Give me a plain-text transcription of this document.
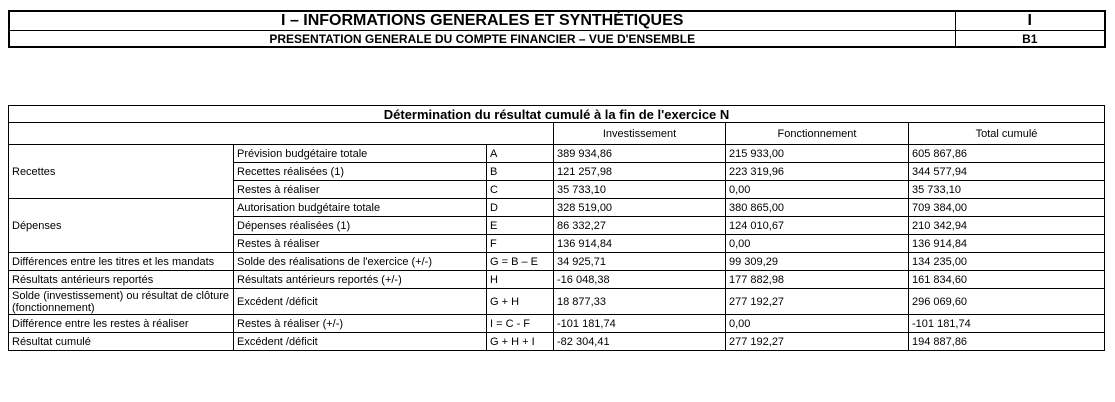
I – INFORMATIONS GENERALES ET SYNTHÉTIQUES	I
PRESENTATION GENERALE DU COMPTE FINANCIER – VUE D'ENSEMBLE	B1
Détermination du résultat cumulé à la fin de l'exercice N					
			Investissement	Fonctionnement	Total cumulé
Recettes	Prévision budgétaire totale	A	389 934,86	215 933,00	605 867,86
	Recettes réalisées (1)	B	121 257,98	223 319,96	344 577,94
	Restes à réaliser	C	35 733,10	0,00	35 733,10
Dépenses	Autorisation budgétaire totale	D	328 519,00	380 865,00	709 384,00
	Dépenses réalisées (1)	E	86 332,27	124 010,67	210 342,94
	Restes à réaliser	F	136 914,84	0,00	136 914,84
Différences entre les titres et les mandats	Solde des réalisations de l'exercice (+/-)	G = B – E	34 925,71	99 309,29	134 235,00
Résultats antérieurs reportés	Résultats antérieurs reportés (+/-)	H	-16 048,38	177 882,98	161 834,60
Solde (investissement) ou résultat de clôture (fonctionnement)	Excédent /déficit	G + H	18 877,33	277 192,27	296 069,60
Différence entre les restes à réaliser	Restes à réaliser (+/-)	I = C - F	-101 181,74	0,00	-101 181,74
Résultat cumulé	Excédent /déficit	G + H + I	-82 304,41	277 192,27	194 887,86
